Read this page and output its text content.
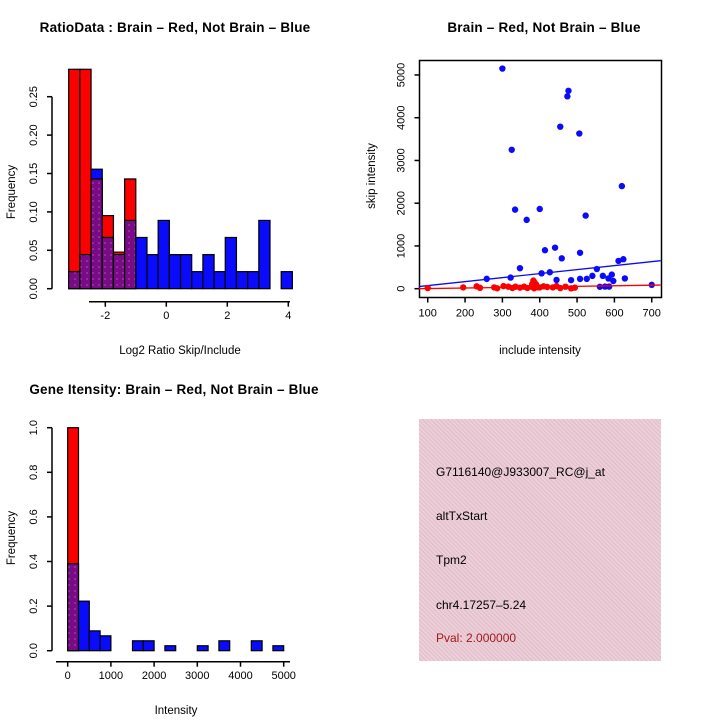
0.00
0.05
0.10
0.15
0.20
0.25
-2	0	2	4
0
1000
2000
3000
4000
5000
100 200 300 400 500 600 700
0.0
0.2
0.4
0.6
0.8
1.0
0	1000 2000 3000 4000 5000
RatioData : Brain – Red, Not Brain – Blue	Brain – Red, Not Brain – Blue
Gene Itensity: Brain – Red, Not Brain – Blue
Log2 Ratio Skip/Include	include intensity
Intensity
Frequency	skip intensity
Frequency
G7116140@J933007_RC@j_at
altTxStart
Tpm2
chr4.17257–5.24
Pval: 2.000000
